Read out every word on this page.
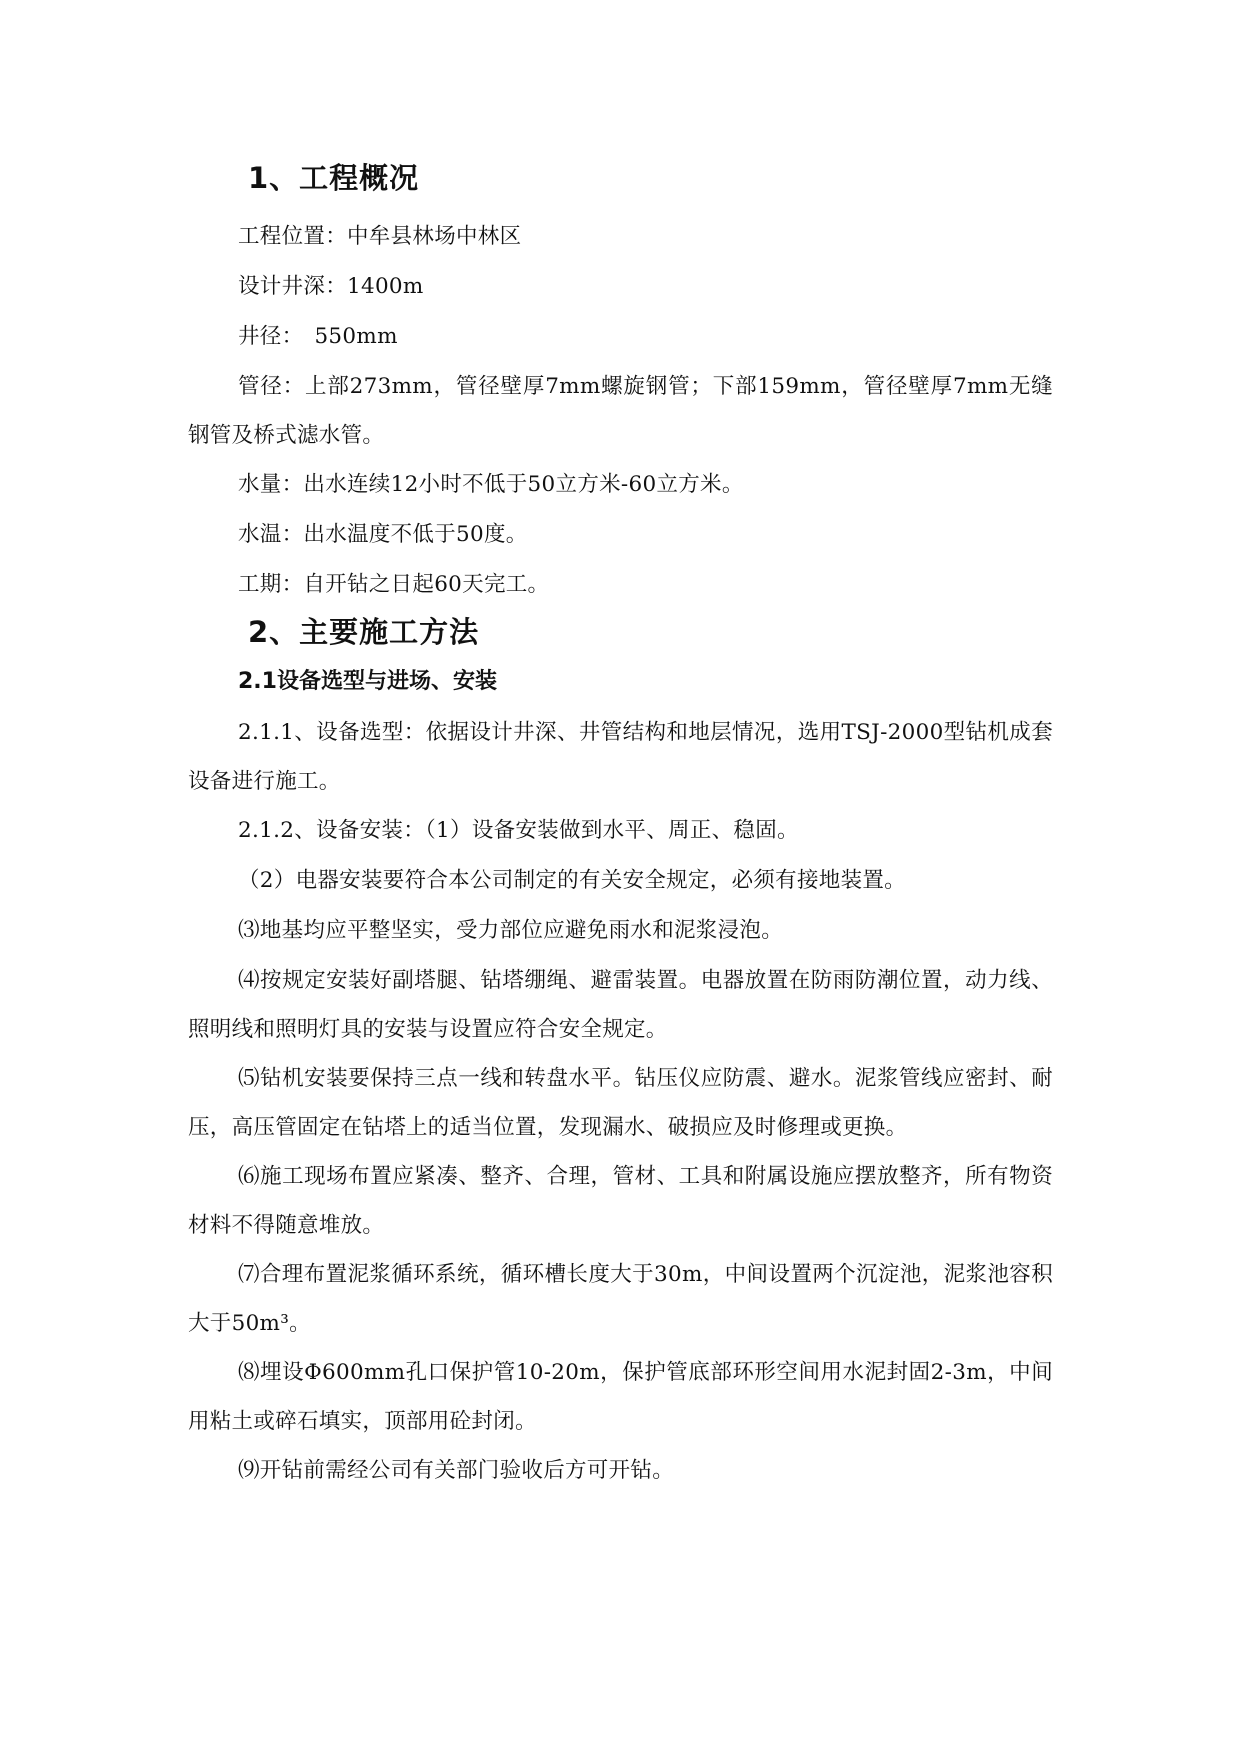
1、工程概况

工程位置：中牟县林场中林区

设计井深：1400m

井径：　550mm

管径：上部273mm，管径壁厚7mm螺旋钢管；下部159mm，管径壁厚7mm无缝钢管及桥式滤水管。

水量：出水连续12小时不低于50立方米-60立方米。

水温：出水温度不低于50度。

工期：自开钻之日起60天完工。

2、主要施工方法
2.1设备选型与进场、安装

2.1.1、设备选型：依据设计井深、井管结构和地层情况，选用TSJ-2000型钻机成套设备进行施工。

2.1.2、设备安装：（1）设备安装做到水平、周正、稳固。

（2）电器安装要符合本公司制定的有关安全规定，必须有接地装置。

⑶地基均应平整坚实，受力部位应避免雨水和泥浆浸泡。

⑷按规定安装好副塔腿、钻塔绷绳、避雷装置。电器放置在防雨防潮位置，动力线、照明线和照明灯具的安装与设置应符合安全规定。

⑸钻机安装要保持三点一线和转盘水平。钻压仪应防震、避水。泥浆管线应密封、耐压，高压管固定在钻塔上的适当位置，发现漏水、破损应及时修理或更换。

⑹施工现场布置应紧凑、整齐、合理，管材、工具和附属设施应摆放整齐，所有物资材料不得随意堆放。

⑺合理布置泥浆循环系统，循环槽长度大于30m，中间设置两个沉淀池，泥浆池容积大于50m³。

⑻埋设Φ600mm孔口保护管10-20m，保护管底部环形空间用水泥封固2-3m，中间用粘土或碎石填实，顶部用砼封闭。

⑼开钻前需经公司有关部门验收后方可开钻。
